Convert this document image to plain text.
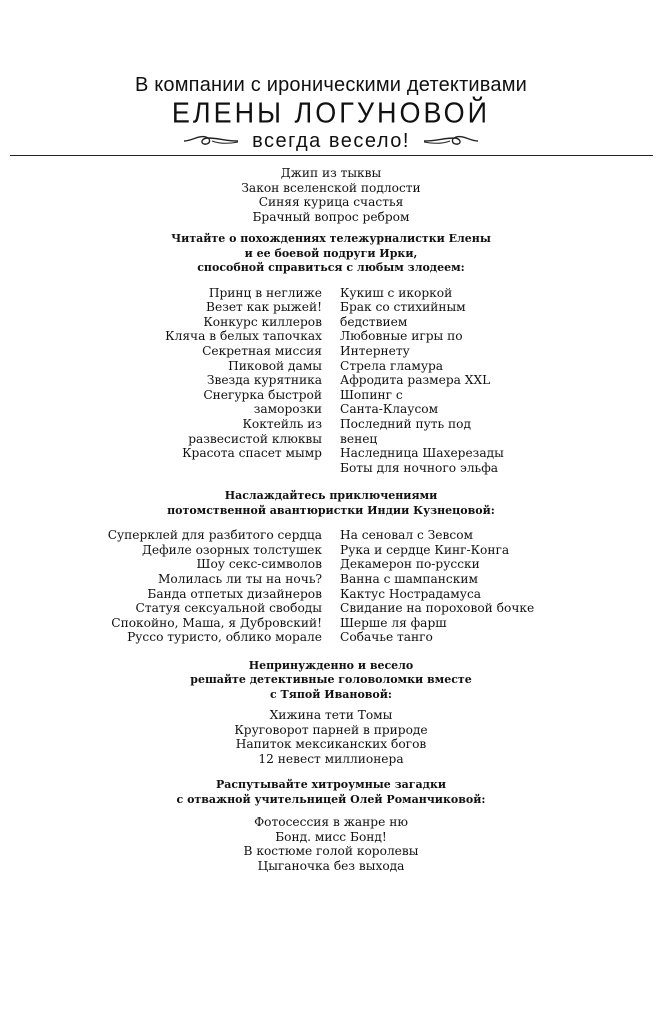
В компании с ироническими детективами
ЕЛЕНЫ ЛОГУНОВОЙ
всегда весело!
Джип из тыквы
Закон вселенской подлости
Синяя курица счастья
Брачный вопрос ребром
Читайте о похождениях тележурналистки Елены
и ее боевой подруги Ирки,
способной справиться с любым злодеем:
Принц в неглиже
Везет как рыжей!
Конкурс киллеров
Кляча в белых тапочках
Секретная миссия
Пиковой дамы
Звезда курятника
Снегурка быстрой
заморозки
Коктейль из
развесистой клюквы
Красота спасет мымр
Кукиш с икоркой
Брак со стихийным
бедствием
Любовные игры по
Интернету
Стрела гламура
Афродита размера XXL
Шопинг с
Санта-Клаусом
Последний путь под
венец
Наследница Шахерезады
Боты для ночного эльфа
Наслаждайтесь приключениями
потомственной авантюристки Индии Кузнецовой:
Суперклей для разбитого сердца
Дефиле озорных толстушек
Шоу секс-символов
Молилась ли ты на ночь?
Банда отпетых дизайнеров
Статуя сексуальной свободы
Спокойно, Маша, я Дубровский!
Руссо туристо, облико морале
На сеновал с Зевсом
Рука и сердце Кинг-Конга
Декамерон по-русски
Ванна с шампанским
Кактус Нострадамуса
Свидание на пороховой бочке
Шерше ля фарш
Собачье танго
Непринужденно и весело
решайте детективные головоломки вместе
с Тяпой Ивановой:
Хижина тети Томы
Круговорот парней в природе
Напиток мексиканских богов
12 невест миллионера
Распутывайте хитроумные загадки
с отважной учительницей Олей Романчиковой:
Фотосессия в жанре ню
Бонд. мисс Бонд!
В костюме голой королевы
Цыганочка без выхода
